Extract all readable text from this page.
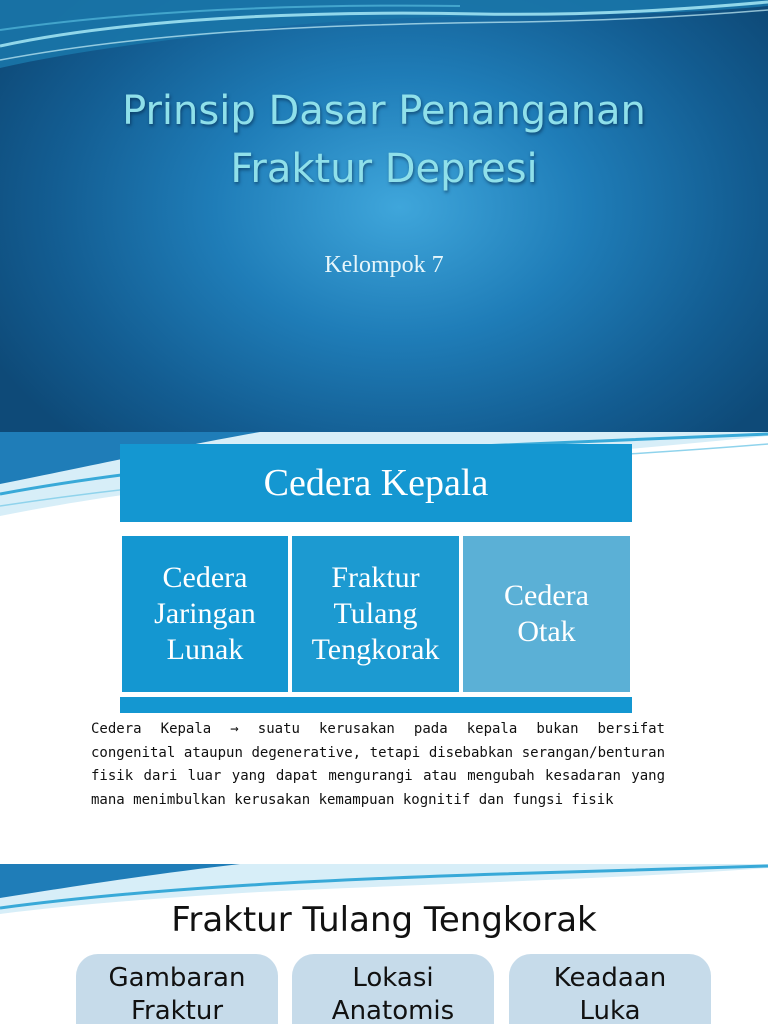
Prinsip Dasar Penanganan
Fraktur Depresi
Kelompok 7
Cedera Kepala
Cedera
Jaringan
Lunak
Fraktur
Tulang
Tengkorak
Cedera
Otak
Cedera Kepala → suatu kerusakan pada kepala bukan bersifat congenital ataupun degenerative, tetapi disebabkan serangan/benturan fisik dari luar yang dapat mengurangi atau mengubah kesadaran yang mana menimbulkan kerusakan kemampuan kognitif dan fungsi fisik
Fraktur Tulang Tengkorak
Gambaran
Fraktur
Lokasi
Anatomis
Keadaan
Luka
